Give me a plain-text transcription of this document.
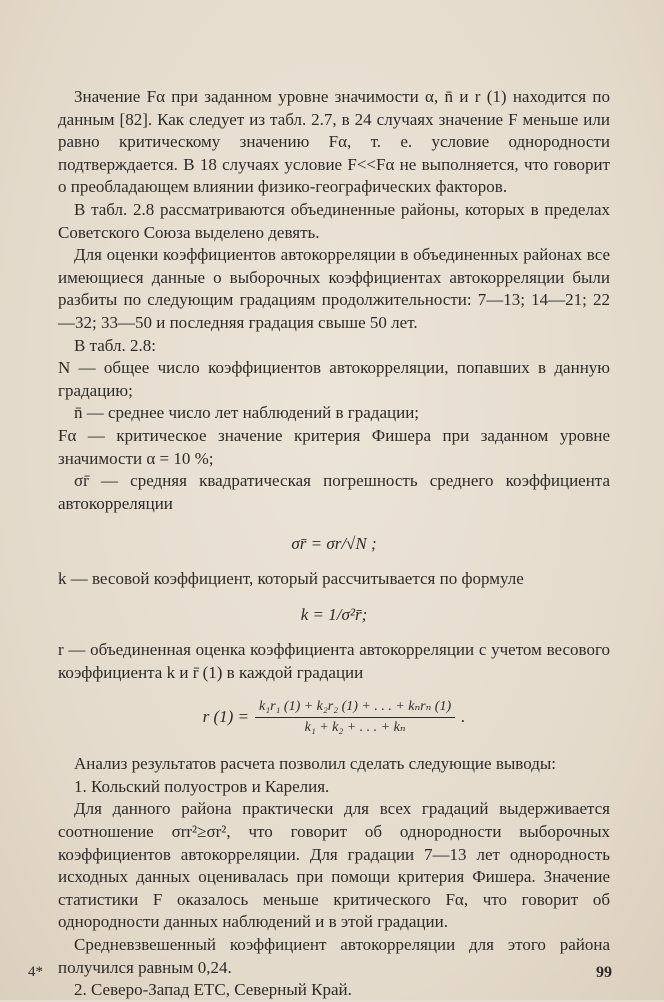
Значение Fα при заданном уровне значимости α, n̄ и r (1) находится по данным [82]. Как следует из табл. 2.7, в 24 случаях значение F меньше или равно критическому значению Fα, т. е. условие однородности подтверждается. В 18 случаях условие F<<Fα не выполняется, что говорит о преобладающем влиянии физико-географических факторов.

В табл. 2.8 рассматриваются объединенные районы, которых в пределах Советского Союза выделено девять.

Для оценки коэффициентов автокорреляции в объединенных районах все имеющиеся данные о выборочных коэффициентах автокорреляции были разбиты по следующим градациям продолжительности: 7—13; 14—21; 22—32; 33—50 и последняя градация свыше 50 лет.

В табл. 2.8:

N — общее число коэффициентов автокорреляции, попавших в данную градацию;

n̄ — среднее число лет наблюдений в градации;

Fα — критическое значение критерия Фишера при заданном уровне значимости α = 10 %;

σr̄ — средняя квадратическая погрешность среднего коэффициента автокорреляции

σr̄ = σr/√N ;

k — весовой коэффициент, который рассчитывается по формуле

k = 1/σ²r̄;

r — объединенная оценка коэффициента автокорреляции с учетом весового коэффициента k и r̄ (1) в каждой градации

r $(1) = \frac{\text{k₁r₁ (1) + k₂r₂ (1) + . . . + kₙrₙ (1)}}{\text{k₁ + k₂ + . . . + kₙ}}$ .

Анализ результатов расчета позволил сделать следующие выводы:

1. Кольский полуостров и Карелия.

Для данного района практически для всех градаций выдерживается соотношение σrr²≥σr², что говорит об однородности выборочных коэффициентов автокорреляции. Для градации 7—13 лет однородность исходных данных оценивалась при помощи критерия Фишера. Значение статистики F оказалось меньше критического Fα, что говорит об однородности данных наблюдений и в этой градации.

Средневзвешенный коэффициент автокорреляции для этого района получился равным 0,24.

2. Северо-Запад ЕТС, Северный Край.

4*	99
